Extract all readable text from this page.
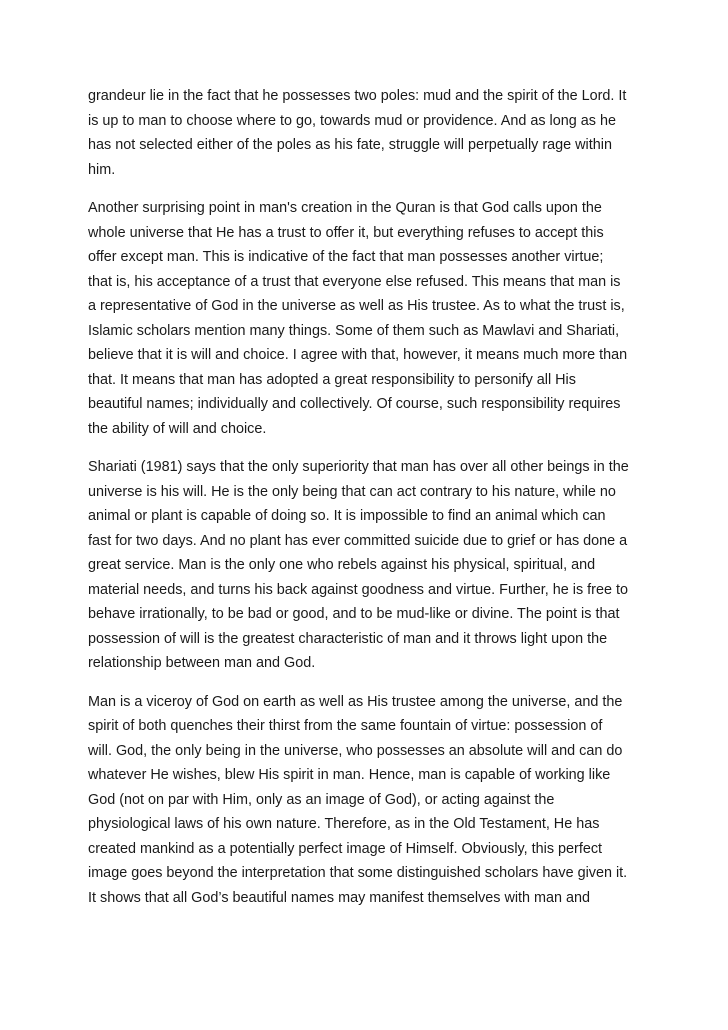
grandeur lie in the fact that he possesses two poles: mud and the spirit of the Lord. It
is up to man to choose where to go, towards mud or providence. And as long as he
has not selected either of the poles as his fate, struggle will perpetually rage within
him.

Another surprising point in man's creation in the Quran is that God calls upon the
whole universe that He has a trust to offer it, but everything refuses to accept this
offer except man. This is indicative of the fact that man possesses another virtue;
that is, his acceptance of a trust that everyone else refused. This means that man is
a representative of God in the universe as well as His trustee. As to what the trust is,
Islamic scholars mention many things. Some of them such as Mawlavi and Shariati,
believe that it is will and choice. I agree with that, however, it means much more than
that. It means that man has adopted a great responsibility to personify all His
beautiful names; individually and collectively. Of course, such responsibility requires
the ability of will and choice.

Shariati (1981) says that the only superiority that man has over all other beings in the
universe is his will. He is the only being that can act contrary to his nature, while no
animal or plant is capable of doing so. It is impossible to find an animal which can
fast for two days. And no plant has ever committed suicide due to grief or has done a
great service. Man is the only one who rebels against his physical, spiritual, and
material needs, and turns his back against goodness and virtue. Further, he is free to
behave irrationally, to be bad or good, and to be mud-like or divine. The point is that
possession of will is the greatest characteristic of man and it throws light upon the
relationship between man and God.

Man is a viceroy of God on earth as well as His trustee among the universe, and the
spirit of both quenches their thirst from the same fountain of virtue: possession of
will. God, the only being in the universe, who possesses an absolute will and can do
whatever He wishes, blew His spirit in man. Hence, man is capable of working like
God (not on par with Him, only as an image of God), or acting against the
physiological laws of his own nature. Therefore, as in the Old Testament, He has
created mankind as a potentially perfect image of Himself. Obviously, this perfect
image goes beyond the interpretation that some distinguished scholars have given it.
It shows that all God’s beautiful names may manifest themselves with man and
